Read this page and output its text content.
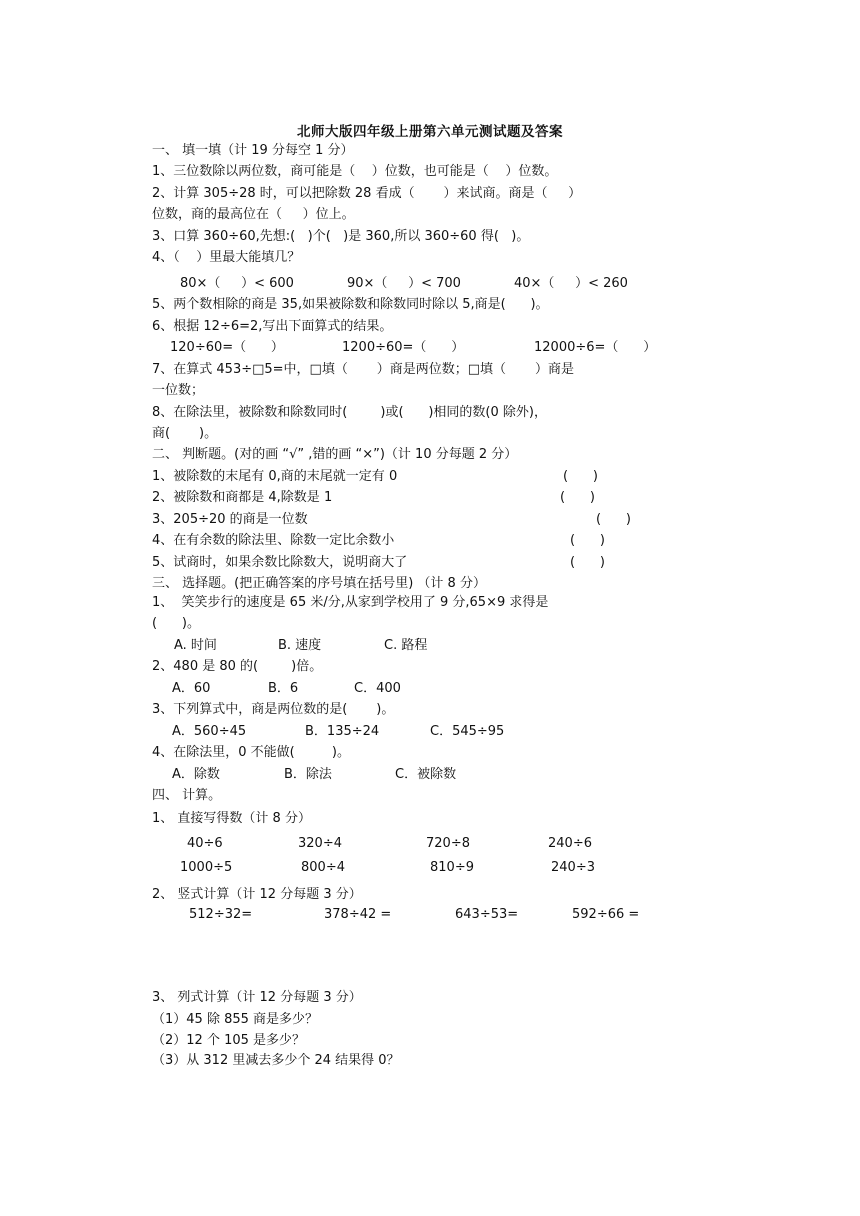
北师大版四年级上册第六单元测试题及答案
一、 填一填（计 19 分每空 1 分）
1、三位数除以两位数，商可能是（    ）位数，也可能是（    ）位数。
2、计算 305÷28 时，可以把除数 28 看成（       ）来试商。商是（     ）
位数，商的最高位在（     ）位上。
3、口算 360÷60,先想:(   )个(   )是 360,所以 360÷60 得(   )。
4、（    ）里最大能填几？
80×（     ）< 600	90×（     ）< 700	40×（     ）< 260
5、两个数相除的商是 35,如果被除数和除数同时除以 5,商是(      )。
6、根据 12÷6=2,写出下面算式的结果。
120÷60=（      ）	1200÷60=（      ）	12000÷6=（      ）
7、在算式 453÷□5=中，□填（       ）商是两位数；□填（       ）商是
一位数；
8、在除法里，被除数和除数同时(        )或(      )相同的数(0 除外)，
商(       )。
二、 判断题。(对的画 “√” ,错的画 “×”)（计 10 分每题 2 分）
1、被除数的末尾有 0,商的末尾就一定有 0	(      )
2、被除数和商都是 4,除数是 1	(      )
3、205÷20 的商是一位数	(      )
4、在有余数的除法里、除数一定比余数小	(      )
5、试商时，如果余数比除数大，说明商大了	(      )
三、 选择题。(把正确答案的序号填在括号里) （计 8 分）
1、  笑笑步行的速度是 65 米/分,从家到学校用了 9 分,65×9 求得是
(      )。
A. 时间	B. 速度	C. 路程
2、480 是 80 的(        )倍。
A．60	B．6	C．400
3、下列算式中，商是两位数的是(       )。
A．560÷45	B．135÷24	C．545÷95
4、在除法里，0 不能做(         )。
A．除数	B．除法	C．被除数
四、 计算。
1、 直接写得数（计 8 分）
40÷6	320÷4	720÷8	240÷6
1000÷5	800÷4	810÷9	240÷3
2、 竖式计算（计 12 分每题 3 分）
512÷32=	378÷42 =	643÷53=	592÷66 =
3、 列式计算（计 12 分每题 3 分）
（1）45 除 855 商是多少？
（2）12 个 105 是多少？
（3）从 312 里减去多少个 24 结果得 0？
